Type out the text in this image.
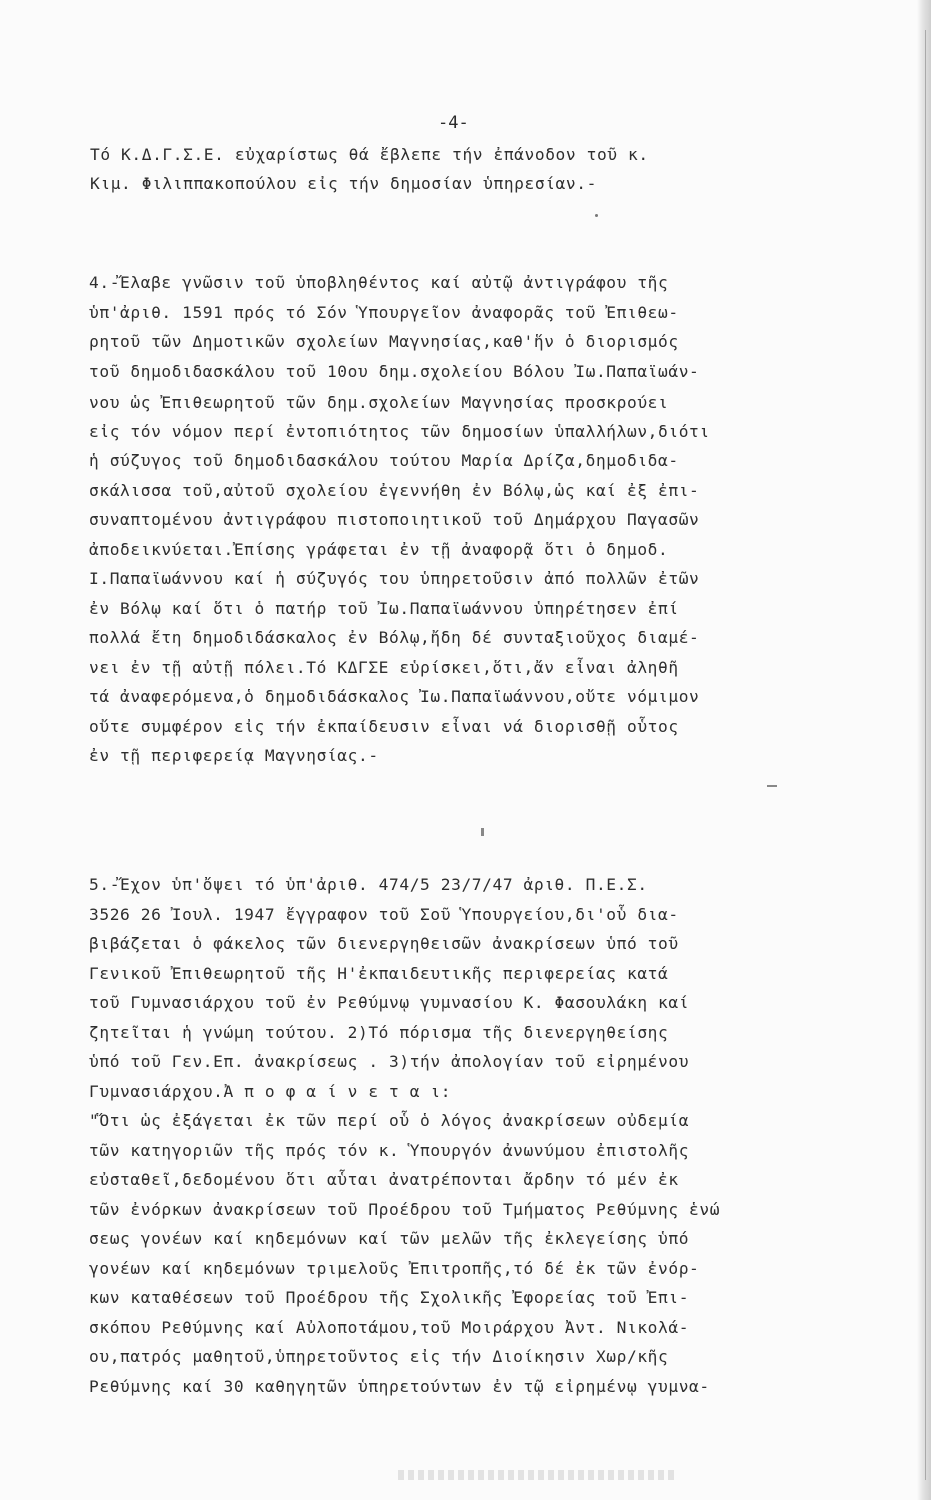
-4-
Τό Κ.Δ.Γ.Σ.Ε. εὐχαρίστως θά ἔβλεπε τήν ἐπάνοδον τοῦ κ.
Κιμ. Φιλιππακοπούλου εἰς τήν δημοσίαν ὑπηρεσίαν.-
4.-Ἔλαβε γνῶσιν τοῦ ὑποβληθέντος καί αὐτῷ ἀντιγράφου τῆς
ὑπ'ἀριθ. 1591 πρός τό Σόν Ὑπουργεῖον ἀναφορᾶς τοῦ Ἐπιθεω-
ρητοῦ τῶν Δημοτικῶν σχολείων Μαγνησίας,καθ'ἥν ὁ διορισμός
τοῦ δημοδιδασκάλου τοῦ 10ου δημ.σχολείου Βόλου Ἰω.Παπαϊωάν-
νου ὡς Ἐπιθεωρητοῦ τῶν δημ.σχολείων Μαγνησίας προσκρούει
εἰς τόν νόμον περί ἐντοπιότητος τῶν δημοσίων ὑπαλλήλων,διότι
ἡ σύζυγος τοῦ δημοδιδασκάλου τούτου Μαρία Δρίζα,δημοδιδα-
σκάλισσα τοῦ,αὐτοῦ σχολείου ἐγεννήθη ἐν Βόλῳ,ὡς καί ἐξ ἐπι-
συναπτομένου ἀντιγράφου πιστοποιητικοῦ τοῦ Δημάρχου Παγασῶν
ἀποδεικνύεται.Ἐπίσης γράφεται ἐν τῇ ἀναφορᾷ ὅτι ὁ δημοδ.
Ι.Παπαϊωάννου καί ἡ σύζυγός του ὑπηρετοῦσιν ἀπό πολλῶν ἐτῶν
ἐν Βόλῳ καί ὅτι ὁ πατήρ τοῦ Ἰω.Παπαϊωάννου ὑπηρέτησεν ἐπί
πολλά ἔτη δημοδιδάσκαλος ἐν Βόλῳ,ἤδη δέ συνταξιοῦχος διαμέ-
νει ἐν τῇ αὐτῇ πόλει.Τό ΚΔΓΣΕ εὑρίσκει,ὅτι,ἄν εἶναι ἀληθῆ
τά ἀναφερόμενα,ὁ δημοδιδάσκαλος Ἰω.Παπαϊωάννου,οὔτε νόμιμον
οὔτε συμφέρον εἰς τήν ἐκπαίδευσιν εἶναι νά διορισθῇ οὗτος
ἐν τῇ περιφερείᾳ Μαγνησίας.-
5.-Ἔχον ὑπ'ὄψει τό ὑπ'ἀριθ. 474/5 23/7/47 ἀριθ. Π.Ε.Σ.
3526 26 Ἰουλ. 1947 ἔγγραφον τοῦ Σοῦ Ὑπουργείου,δι'οὗ δια-
βιβάζεται ὁ φάκελος τῶν διενεργηθεισῶν ἀνακρίσεων ὑπό τοῦ
Γενικοῦ Ἐπιθεωρητοῦ τῆς Η'ἐκπαιδευτικῆς περιφερείας κατά
τοῦ Γυμνασιάρχου τοῦ ἐν Ρεθύμνῳ γυμνασίου Κ. Φασουλάκη καί
ζητεῖται ἡ γνώμη τούτου. 2)Τό πόρισμα τῆς διενεργηθείσης
ὑπό τοῦ Γεν.Επ. ἀνακρίσεως . 3)τήν ἀπολογίαν τοῦ εἰρημένου
Γυμνασιάρχου.Ἀ π ο φ α ί ν ε τ α ι:
"Ὅτι ὡς ἐξάγεται ἐκ τῶν περί οὗ ὁ λόγος ἀνακρίσεων οὐδεμία
τῶν κατηγοριῶν τῆς πρός τόν κ. Ὑπουργόν ἀνωνύμου ἐπιστολῆς
εὐσταθεῖ,δεδομένου ὅτι αὗται ἀνατρέπονται ἄρδην τό μέν ἐκ
τῶν ἐνόρκων ἀνακρίσεων τοῦ Προέδρου τοῦ Τμήματος Ρεθύμνης ἑνώ
σεως γονέων καί κηδεμόνων καί τῶν μελῶν τῆς ἐκλεγείσης ὑπό
γονέων καί κηδεμόνων τριμελοῦς Ἐπιτροπῆς,τό δέ ἐκ τῶν ἐνόρ-
κων καταθέσεων τοῦ Προέδρου τῆς Σχολικῆς Ἐφορείας τοῦ Ἐπι-
σκόπου Ρεθύμνης καί Αὐλοποτάμου,τοῦ Μοιράρχου Ἀντ. Νικολά-
ου,πατρός μαθητοῦ,ὑπηρετοῦντος εἰς τήν Διοίκησιν Χωρ/κῆς
Ρεθύμνης καί 30 καθηγητῶν ὑπηρετούντων ἐν τῷ εἰρημένῳ γυμνα-
